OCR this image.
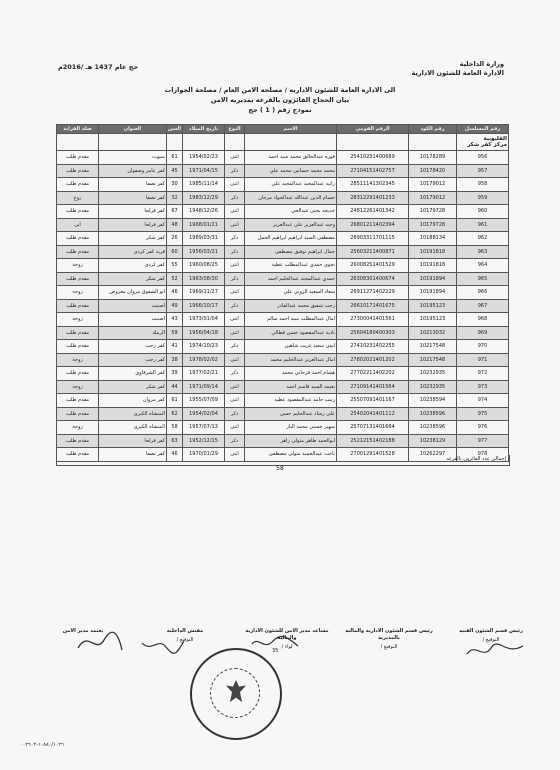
وزارة الداخلية
الادارة العامة للشئون الادارية
حج عام 1437 هـ /2016م
الى الاداره العامة للشئون الاداريه / مصلحه الامن العام / مصلحة الجوازات
بيان الحجاج الفائزون بالقرعه بمديريه الامن
نموذج رقم ( 1 ) حج
رقم المسلسل	رقم الكود	الرقم القومي	الاسم	النوع	تاريخ الميلاد	السن	العنوان	صلة القرابة

القليوبية
مركز كفر شكر								

956	10178289	25410231400689	فوزه عبدالخالق محمد سيد احمد	انثى	1954/02/23	61	منيوت	مقدم طلب
957	10178420	27104151402757	محمد محمد حسانين محمد علي	ذكر	1971/04/15	45	كفر عامر وصفوان	مقدم طلب
958	10179012	28511141302345	رانيه عبدالمجيد عبدالمجيد علي	انثى	1985/11/14	30	كفر تصفا	مقدم طلب
959	10179012	28312291401233	حسام الدين عبدالله عبدالجواد مرجان	ذكر	1983/12/29	32	كفر تصفا	زوج
960	10179728	24812261401342	خديجه يحيى عبدالحي	انثى	1948/12/26	67	كفر فرلحا	مقدم طلب
961	10179728	26801211402394	وحيه عبدالعزيز علي عبدالعزيز	انثى	1968/01/21	48	كفر فرلحا	ابن
962	10188134	28903311701115	مصطفى السيد ابراهيم ابراهيم الجمل	ذكر	1989/03/31	26	كفر شكر	مقدم طلب
963	10191818	25603211400871	جمال ابراهيم توفيق مصطفى	ذكر	1956/03/21	60	قرية كفر كردى	مقدم طلب
964	10191818	26008251401529	نجوى حمدي عبدالمطلب عطية	انثى	1960/08/25	55	كفر كردى	زوجة
965	10191894	26308301400674	حمدي عبدالمجيد عبدالحليم احمد	ذكر	1963/08/30	52	كفر شكر	مقدم طلب
966	10191894	26911271402229	سعاد السعيد الروبي علي	انثى	1969/11/27	46	ابو الشقوق مروان معروض	زوجة
967	10195123	26610171401675	رجب شفيق محمد عبدالقادر	ذكر	1966/10/17	49	اصنيت	مقدم طلب
968	10195123	27300041401561	امال عبدالمطلب سيد احمد سالم	انثى	1973/01/04	43	اصنيت	زوجة
969	10213032	25604180400303	نادية عبدالمقصود حسن قطالي	انثى	1956/04/18	59	الرملة	مقدم طلب
970	10217548	27410231402255	ايمن سعيد غريب شاهين	ذكر	1974/10/23	41	كفر رجب	مقدم طلب
971	10217548	27802021401202	امال عبدالعزيز عبدالحليم محمد	انثى	1978/02/02	38	كفر رجب	زوجة
972	10232935	27702211402202	هشام احمد فرحاني محمد	ذكر	1977/02/21	39	كفر الشرقاوي	مقدم طلب
973	10232935	27109141401564	نعيمه السيد قاسم احمد	انثى	1971/09/14	44	كفر شكر	زوجة
974	10238594	25507091401167	زينب حامد عبدالمقصود عطيه	انثى	1955/07/09	61	كفر مروان	مقدم طلب
975	10238596	25402041401112	على رشاد عبدالحليم حسن	ذكر	1954/02/04	62	المنشاه الكبرى	مقدم طلب
976	10238596	25707131401664	سهير حسني محمد الباز	انثى	1957/07/13	58	المنشاه الكبرى	زوجة
977	10238129	25212151402188	ابوالحمد طاهر متولي زاهر	ذكر	1952/12/15	63	كفر فرلحا	مقدم طلب
978	10262297	27001291401528	ناجت عبدالحميد متولى مصطفى	انثى	1970/01/29	46	كفر تصفا	مقدم طلب
إجمالي عدد الفائزون بالقرعه
58
رئيس قسم الشئون الفنيه
التوقيع /
رئيس قسم الشئون الادارية والمالية بالمديرية
التوقيع /
مساعد مدير الامن للشئون الادارية والمالية
لواء /
مفتش الداخلية
التوقيع /
يعتمد مدير الامن
35
١٠٨٨٠/١٠٢٦-٠٠٢٦٠٢
